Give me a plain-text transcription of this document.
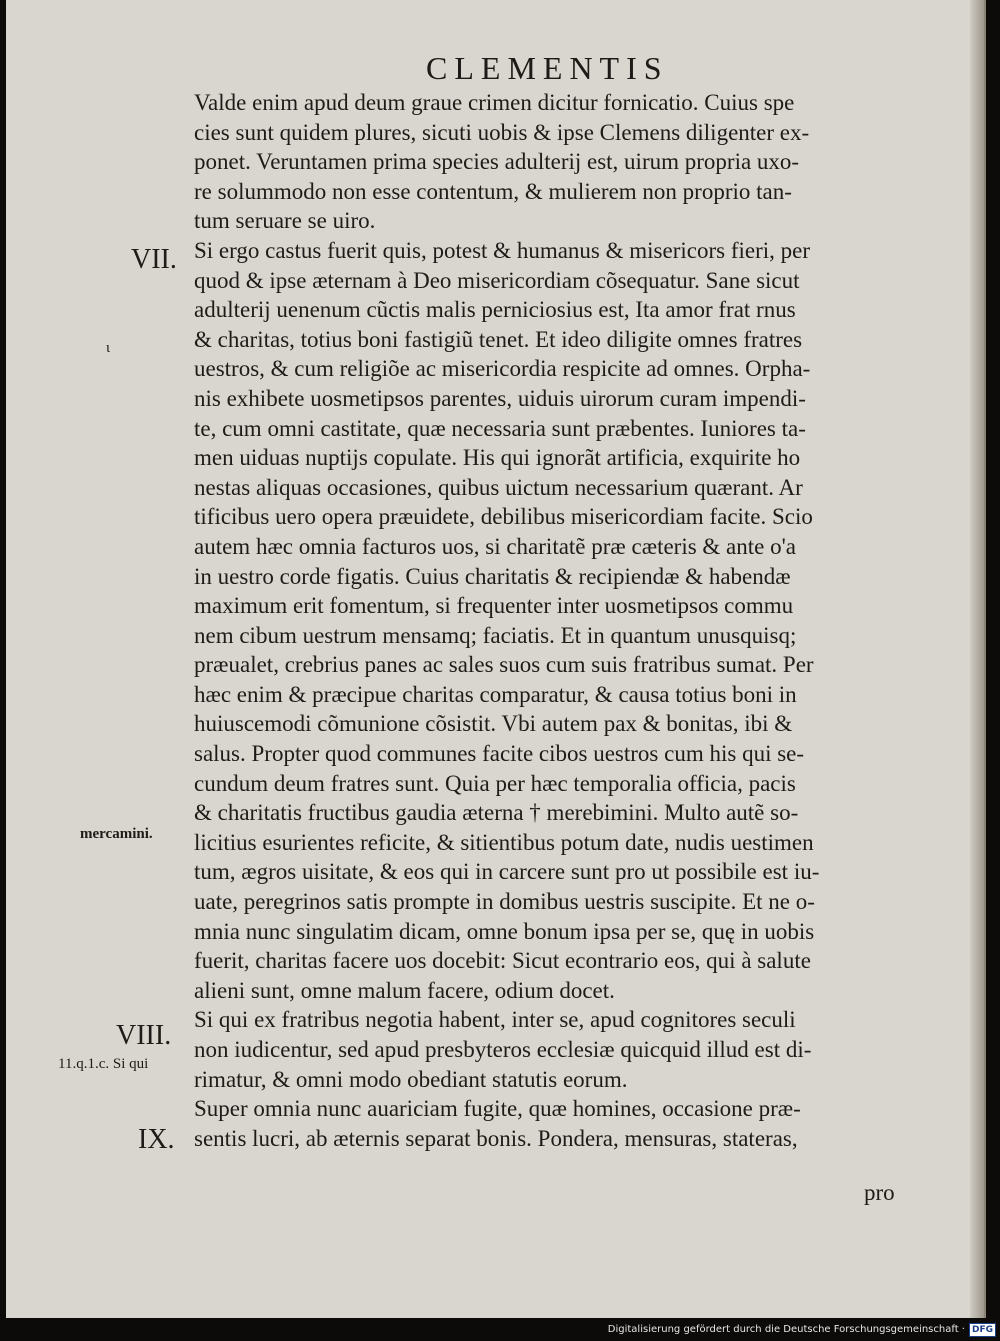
CLEMENTIS
VII.
VIII.
IX.
ι
mercamini.
11.q.1.c. Si qui
Valde enim apud deum graue crimen dicitur fornicatio. Cuius spe
cies sunt quidem plures, sicuti uobis & ipse Clemens diligenter ex-
ponet. Veruntamen prima species adulterij est, uirum propria uxo-
re solummodo non esse contentum, & mulierem non proprio tan-
tum seruare se uiro.
Si ergo castus fuerit quis, potest & humanus & misericors fieri, per
quod & ipse æternam à Deo misericordiam cõsequatur. Sane sicut
adulterij uenenum cũctis malis perniciosius est, Ita amor frat rnus
& charitas, totius boni fastigiũ tenet. Et ideo diligite omnes fratres
uestros, & cum religiõe ac misericordia respicite ad omnes. Orpha-
nis exhibete uosmetipsos parentes, uiduis uirorum curam impendi-
te, cum omni castitate, quæ necessaria sunt præbentes. Iuniores ta-
men uiduas nuptijs copulate. His qui ignorãt artificia, exquirite ho
nestas aliquas occasiones, quibus uictum necessarium quærant. Ar
tificibus uero opera præuidete, debilibus misericordiam facite. Scio
autem hæc omnia facturos uos, si charitatẽ præ cæteris & ante o'a
in uestro corde figatis. Cuius charitatis & recipiendæ & habendæ
maximum erit fomentum, si frequenter inter uosmetipsos commu
nem cibum uestrum mensamq; faciatis. Et in quantum unusquisq;
præualet, crebrius panes ac sales suos cum suis fratribus sumat. Per
hæc enim & præcipue charitas comparatur, & causa totius boni in
huiuscemodi cõmunione cõsistit. Vbi autem pax & bonitas, ibi &
salus. Propter quod communes facite cibos uestros cum his qui se-
cundum deum fratres sunt. Quia per hæc temporalia officia, pacis
& charitatis fructibus gaudia æterna † merebimini. Multo autẽ so-
licitius esurientes reficite, & sitientibus potum date, nudis uestimen
tum, ægros uisitate, & eos qui in carcere sunt pro ut possibile est iu-
uate, peregrinos satis prompte in domibus uestris suscipite. Et ne o-
mnia nunc singulatim dicam, omne bonum ipsa per se, quę in uobis
fuerit, charitas facere uos docebit: Sicut econtrario eos, qui à salute
alieni sunt, omne malum facere, odium docet.
Si qui ex fratribus negotia habent, inter se, apud cognitores seculi
non iudicentur, sed apud presbyteros ecclesiæ quicquid illud est di-
rimatur, & omni modo obediant statutis eorum.
Super omnia nunc auariciam fugite, quæ homines, occasione præ-
sentis lucri, ab æternis separat bonis. Pondera, mensuras, stateras,
pro
Digitalisierung gefördert durch die Deutsche Forschungsgemeinschaft · DFG
